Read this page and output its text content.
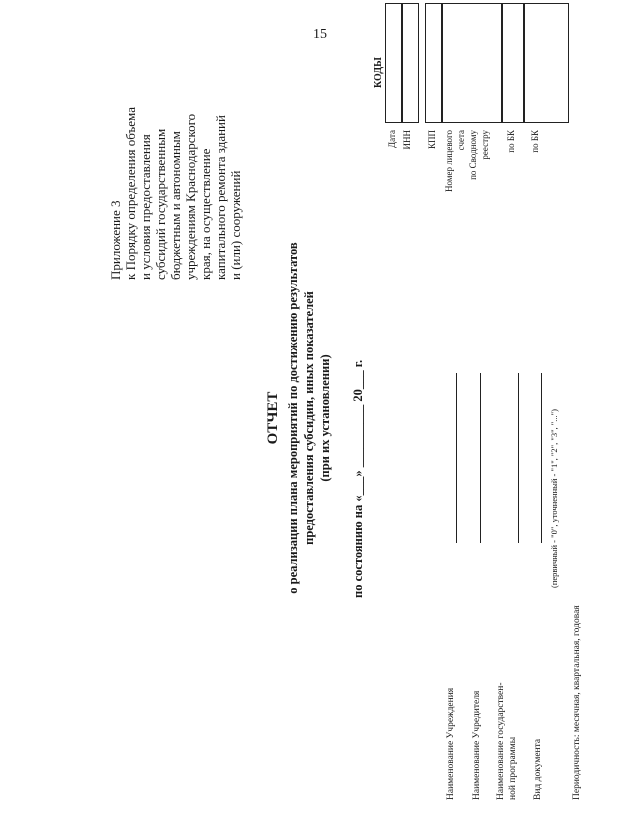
15
Приложение 3 к Порядку определения объема и условия предоставления субсидий государственным бюджетным и автономным учреждениям Краснодарского края, на осуществление капитального ремонта зданий и (или) сооружений
ОТЧЕТ о реализации плана мероприятий по достижению результатов предоставления субсидии, иных показателей (при их установлении) по состоянию на «___» __________ 20___ г.
Наименование Учреждения Наименование Учредителя Наименование государствен- ной программы Вид документа
(первичный - "0", уточненный - "1", "2", "3", "...")
Периодичность: месячная, квартальная, годовая
КОДЫ
Дата ИНН КПП Номер лицевого счета по Сводному реестру по БК по БК
